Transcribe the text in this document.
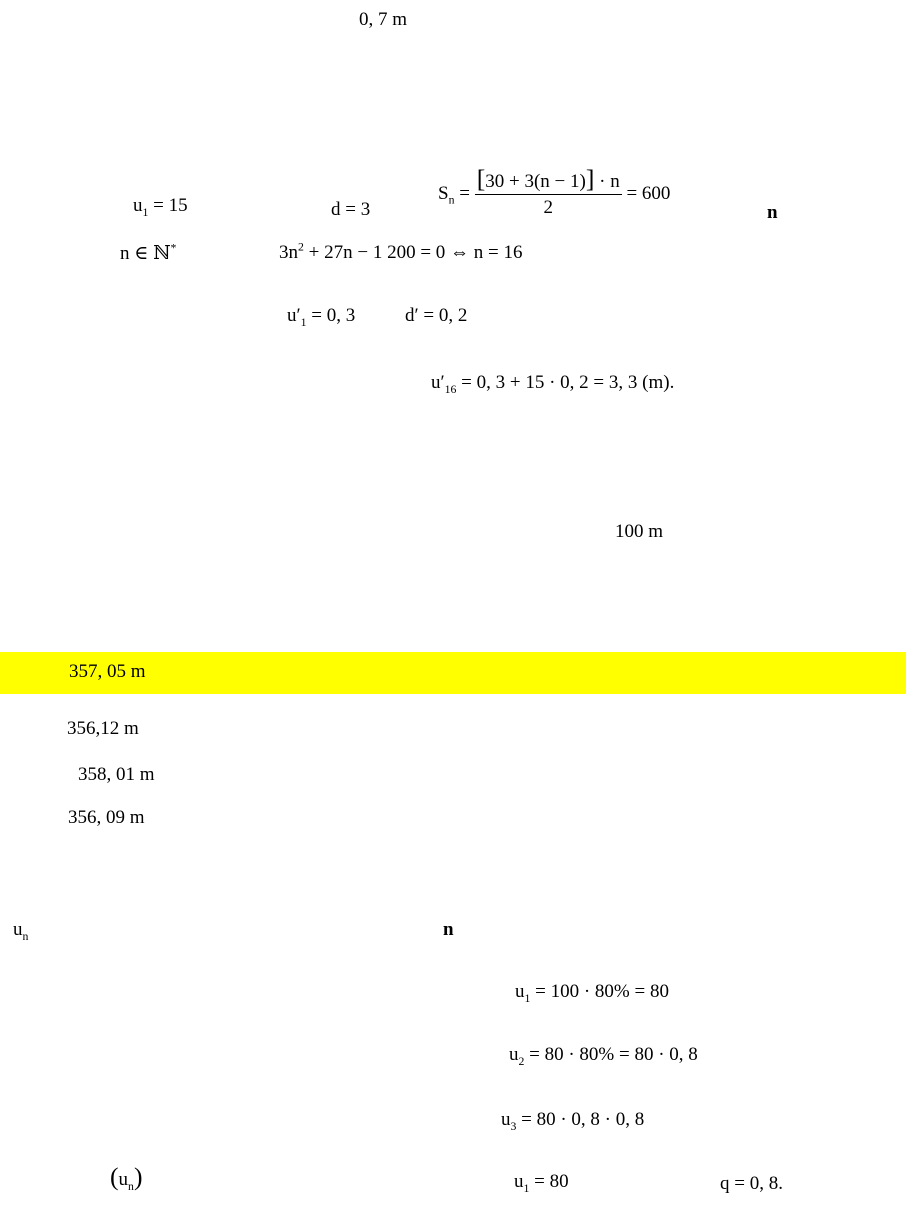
0, 7 m
$u_1 = 15$	d = 3
$S_n = \frac{[30 + 3(n - 1)] \cdot n}{2} = 600$
n
n ∈ ℕ*	$3n^2 + 27n - 1$ 200 = 0 ⇔ n = 16
$u'_1 = 0$, 3	d′ = 0, 2
$u'_{16} = 0$, 3 + 15 · 0, 2 = 3, 3 (m).
100 m
357, 05 m
356,12 m
358, 01 m
356, 09 m
$u_n$	n
$u_1 = 100 \cdot 80\% = 80$
$u_2 = 80 \cdot 80\% = 80 \cdot 0$, 8
$u_3 = 80 \cdot 0$, 8 · 0, 8
$(u_n)$	$u_1 = 80$	q = 0, 8.
